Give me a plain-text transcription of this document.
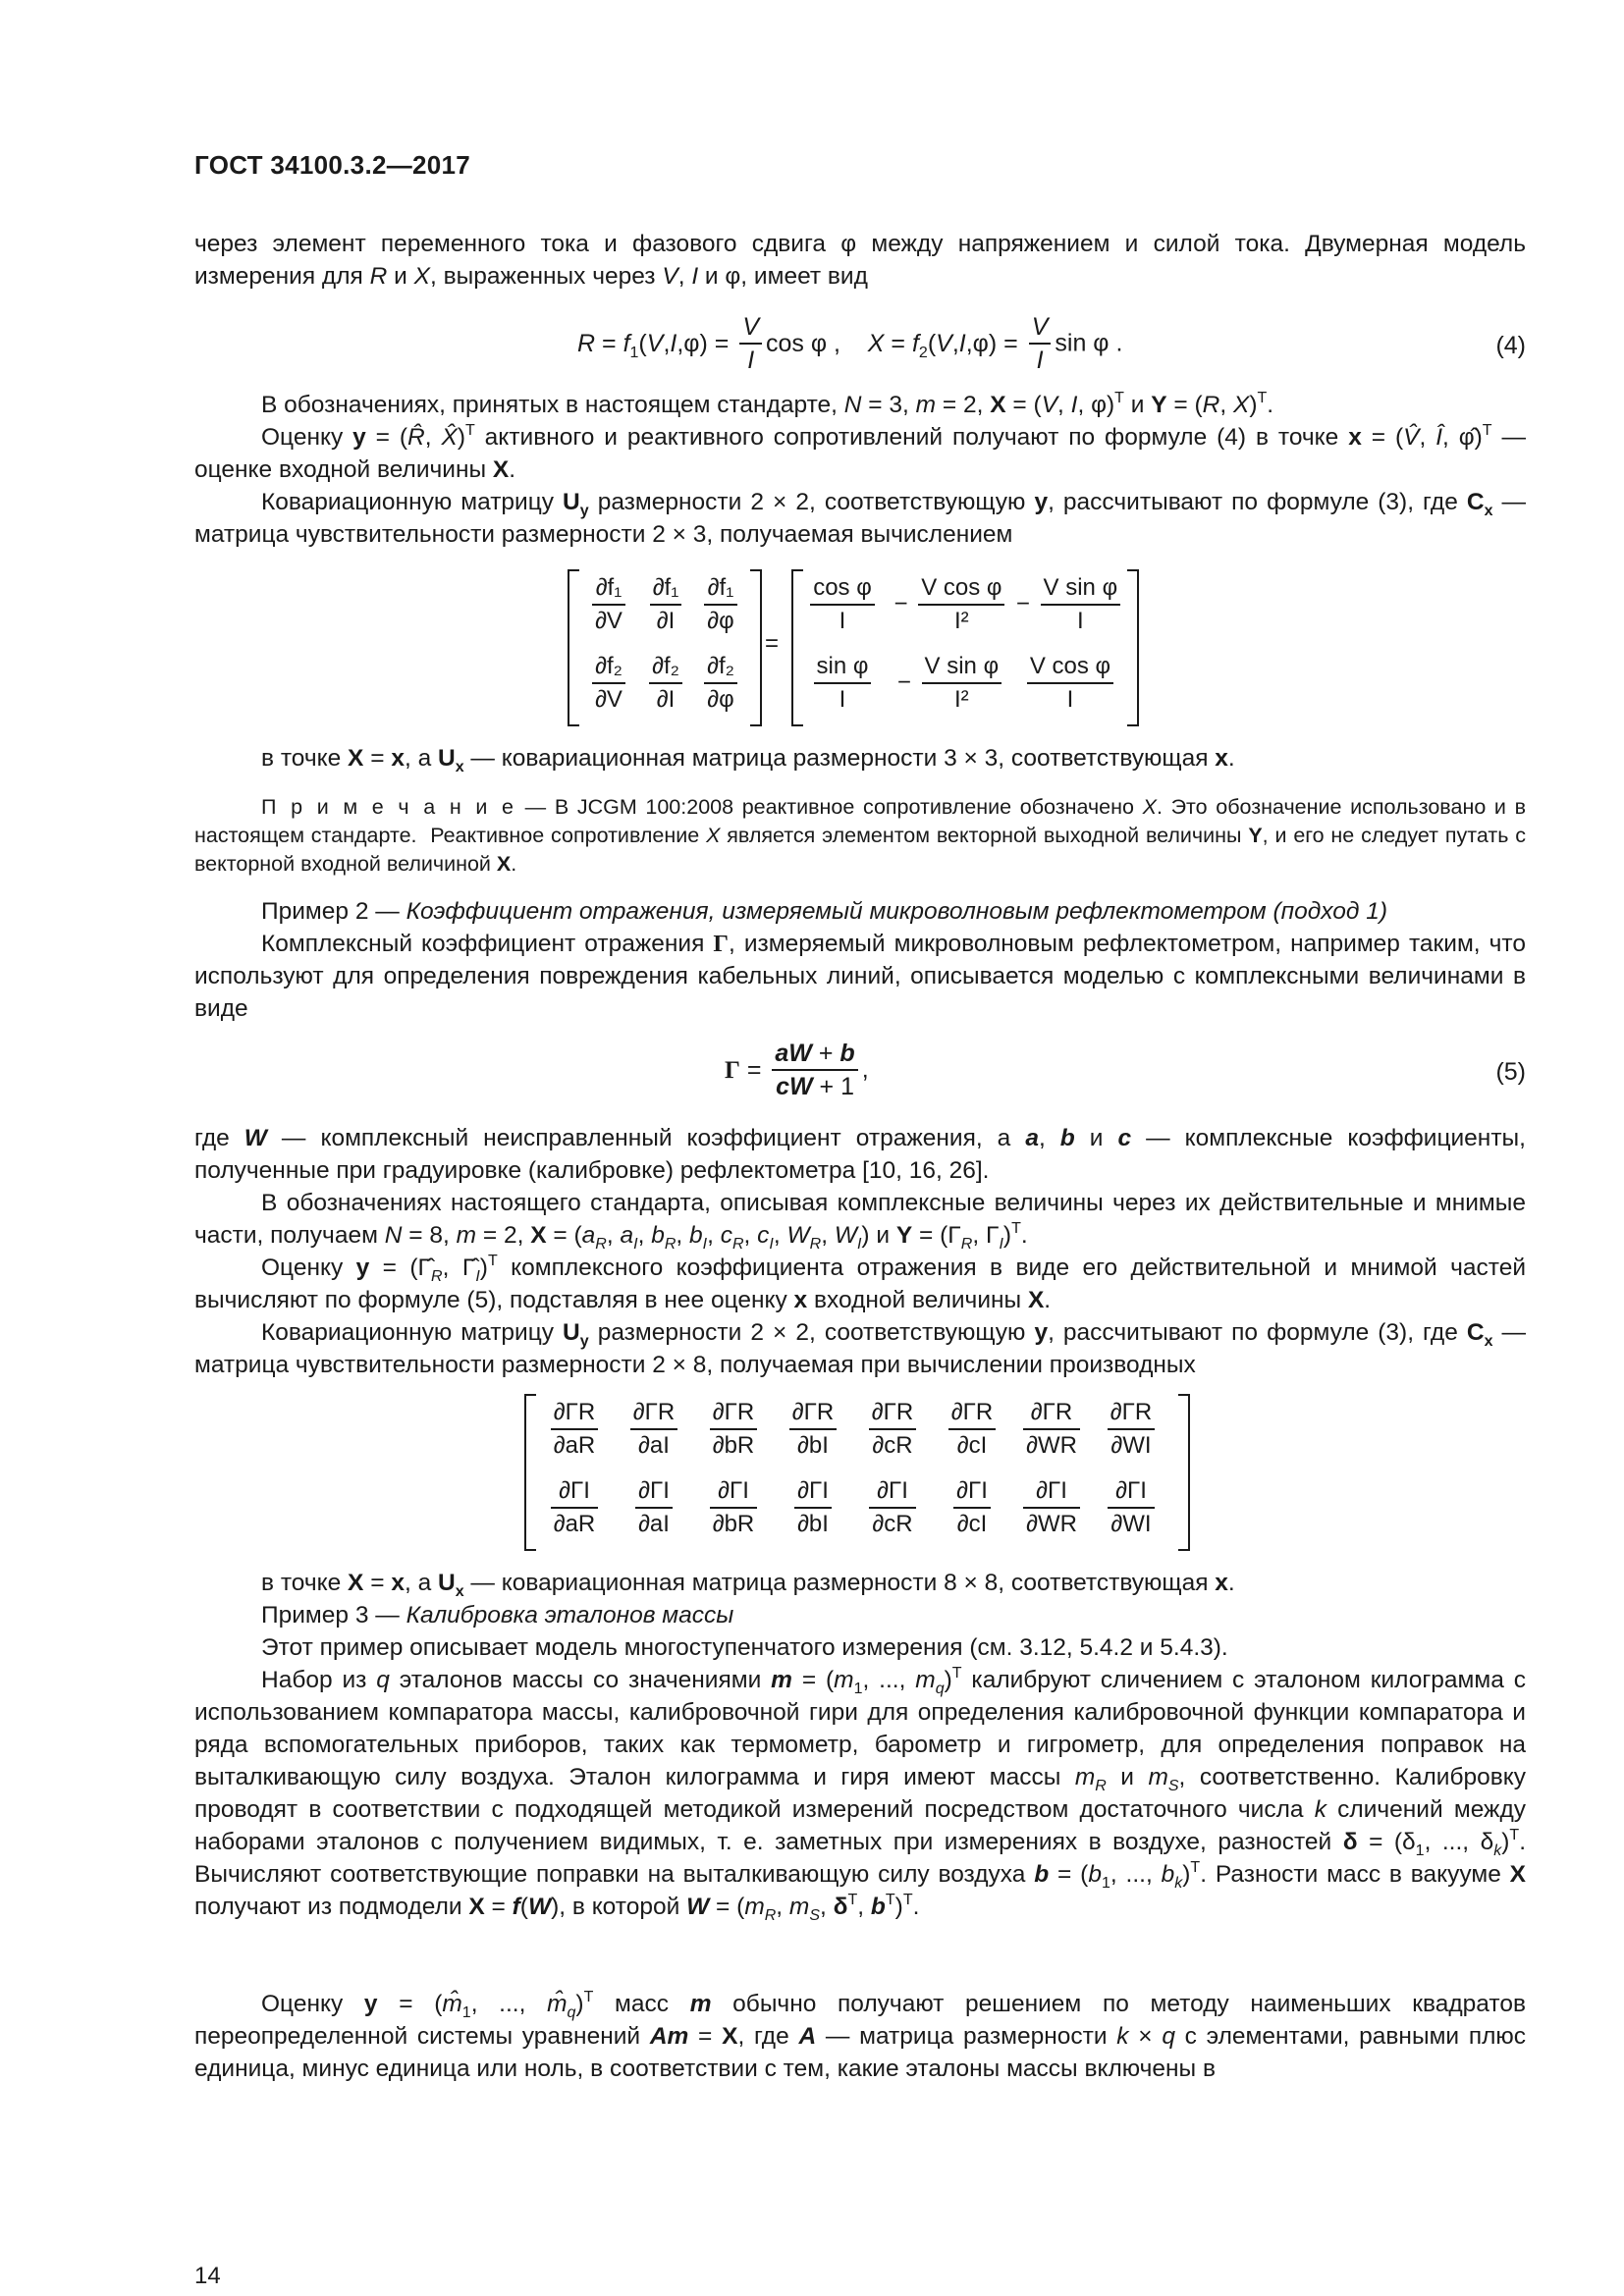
ГОСТ 34100.3.2—2017
через элемент переменного тока и фазового сдвига φ между напряжением и силой тока. Двумерная модель измерения для R и X, выраженных через V, I и φ, имеет вид
$R = f_1(V,I,\varphi) = \frac{V}{I}$ cos φ ,    $X = f_2(V,I,\varphi) = \frac{V}{I}$ sin φ .	(4)
В обозначениях, принятых в настоящем стандарте, N = 3, m = 2, X = (V, I, φ)$^T$ и Y = (R, X)$^T$.
Оценку y = (R̂, X̂)$^T$ активного и реактивного сопротивлений получают по формуле (4) в точке x = (V̂, Î, φ̂)$^T$ — оценке входной величины X.
Ковариационную матрицу $U_y$ размерности 2 × 2, соответствующую y, рассчитывают по формуле (3), где $C_x$ — матрица чувствительности размерности 2 × 3, получаемая вычислением
$\frac{\text{∂f₁}}{\partial V} \frac{\text{∂f₁}}{\partial I} \frac{\text{∂f₁}}{\partial\varphi}$
$\frac{\text{∂f₂}}{\partial V} \frac{\text{∂f₂}}{\partial I} \frac{\text{∂f₂}}{\partial\varphi}$
=
$\frac{\text{cos φ}}{I} - \frac{\text{V cos φ}}{\text{I²}} - \frac{\text{V sin φ}}{I}$
$\frac{\text{sin φ}}{I}$	− $\frac{\text{V sin φ}}{\text{I²}} \frac{\text{V cos φ}}{I}$
в точке X = x, а $U_x$ — ковариационная матрица размерности 3 × 3, соответствующая x.
П р и м е ч а н и е — В JCGM 100:2008 реактивное сопротивление обозначено X. Это обозначение использовано и в настоящем стандарте.  Реактивное сопротивление X является элементом векторной выходной величины Y, и его не следует путать с векторной входной величиной X.
Пример 2 — Коэффициент отражения, измеряемый микроволновым рефлектометром (подход 1)
Комплексный коэффициент отражения Γ, измеряемый микроволновым рефлектометром, например таким, что используют для определения повреждения кабельных линий, описывается моделью с комплексными величинами в виде
$\Gamma = \frac{aW + b}{cW + 1}$ ,	(5)
где W — комплексный неисправленный коэффициент отражения, а a, b и c — комплексные коэффициенты, полученные при градуировке (калибровке) рефлектометра [10, 16, 26].
В обозначениях настоящего стандарта, описывая комплексные величины через их действительные и мнимые части, получаем N = 8, m = 2, $X = (a_R$, $a_I$, $b_R$, $b_I$, $c_R$, $c_I$, $W_R$, $W_I$) и $Y = (\Gamma_R$, $\Gamma_I)^T$.
Оценку $y = (\Gammâ_R$, $\Gammâ_I)^T$ комплексного коэффициента отражения в виде его действительной и мнимой частей вычисляют по формуле (5), подставляя в нее оценку x входной величины X.
Ковариационную матрицу $U_y$ размерности 2 × 2, соответствующую y, рассчитывают по формуле (3), где $C_x$ — матрица чувствительности размерности 2 × 8, получаемая при вычислении производных
$\frac{\partial\Gamma R}{\partial aR} \frac{\partial\Gamma R}{\partial aI} \frac{\partial\Gamma R}{\partial bR} \frac{\partial\Gamma R}{\partial bI} \frac{\partial\Gamma R}{\partial cR} \frac{\partial\Gamma R}{\partial cI} \frac{\partial\Gamma R}{\partial WR} \frac{\partial\Gamma R}{\partial WI}$
$\frac{\partial\Gamma I}{\partial aR} \frac{\partial\Gamma I}{\partial aI} \frac{\partial\Gamma I}{\partial bR} \frac{\partial\Gamma I}{\partial bI} \frac{\partial\Gamma I}{\partial cR} \frac{\partial\Gamma I}{\partial cI} \frac{\partial\Gamma I}{\partial WR} \frac{\partial\Gamma I}{\partial WI}$
в точке X = x, а $U_x$ — ковариационная матрица размерности 8 × 8, соответствующая x.
Пример 3 — Калибровка эталонов массы
Этот пример описывает модель многоступенчатого измерения (см. 3.12, 5.4.2 и 5.4.3).
Набор из q эталонов массы со значениями $m = (m_1$, ..., $m_q)^T$ калибруют сличением с эталоном килограмма с использованием компаратора массы, калибровочной гири для определения калибровочной функции компаратора и ряда вспомогательных приборов, таких как термометр, барометр и гигрометр, для определения поправок на выталкивающую силу воздуха. Эталон килограмма и гиря имеют массы $m_R$ и $m_S$, соответственно. Калибровку проводят в соответствии с подходящей методикой измерений посредством достаточного числа k сличений между наборами эталонов с получением видимых, т. е. заметных при измерениях в воздухе, разностей $\delta = (\delta_1$, ..., $\delta_k)^T$. Вычисляют соответствующие поправки на выталкивающую силу воздуха $b = (b_1$, ..., $b_k)^T$. Разности масс в вакууме X получают из подмодели X = f(W), в которой $W = (m_R$, $m_S$, $\delta^T$, $b^T)^T$.
Оценку $y = (m̂_1$, ..., $m̂_q)^T$ масс m обычно получают решением по методу наименьших квадратов переопределенной системы уравнений Am = X, где A — матрица размерности k × q с элементами, равными плюс единица, минус единица или ноль, в соответствии с тем, какие эталоны массы включены в
14
